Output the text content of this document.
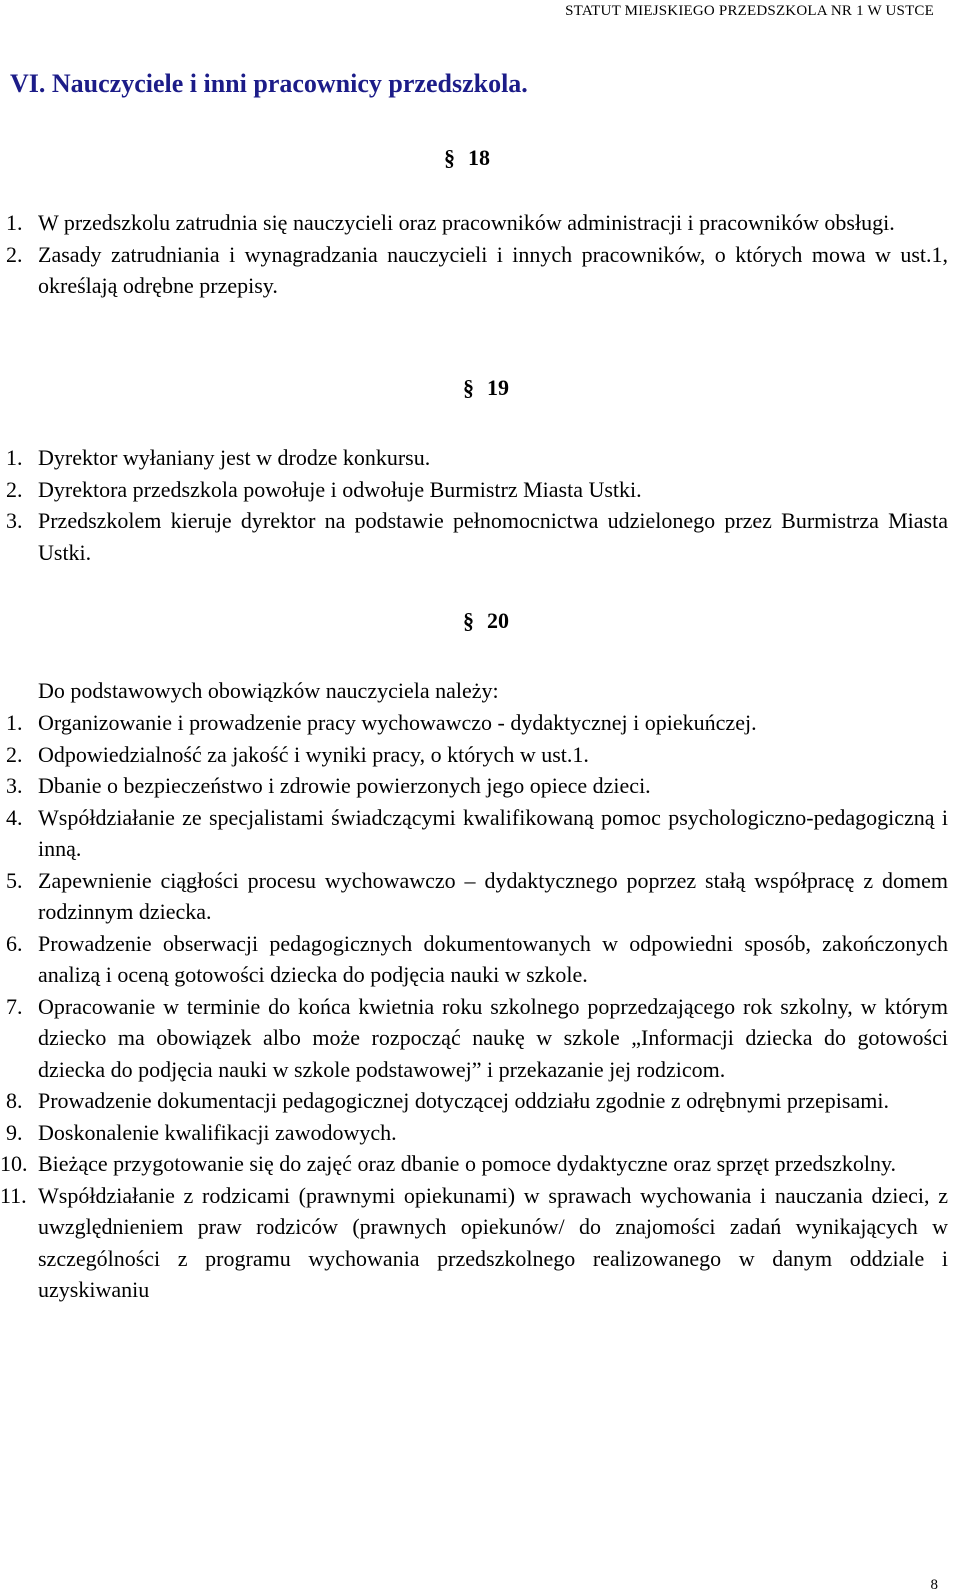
STATUT MIEJSKIEGO PRZEDSZKOLA NR 1 W USTCE
VI. Nauczyciele i inni pracownicy przedszkola.
§ 18
1. W przedszkolu zatrudnia się nauczycieli oraz pracowników administracji i pracowników obsługi.
2. Zasady zatrudniania i wynagradzania nauczycieli i innych pracowników, o których mowa w ust.1, określają odrębne przepisy.
§ 19
1. Dyrektor wyłaniany jest w drodze konkursu.
2. Dyrektora przedszkola powołuje i odwołuje Burmistrz Miasta Ustki.
3. Przedszkolem kieruje dyrektor na podstawie pełnomocnictwa udzielonego przez Burmistrza Miasta Ustki.
§ 20
Do podstawowych obowiązków nauczyciela należy:
1. Organizowanie i prowadzenie pracy wychowawczo - dydaktycznej i opiekuńczej.
2. Odpowiedzialność za jakość i wyniki pracy, o których w ust.1.
3. Dbanie o bezpieczeństwo i zdrowie powierzonych jego opiece dzieci.
4. Współdziałanie ze specjalistami świadczącymi kwalifikowaną pomoc psychologiczno-pedagogiczną i inną.
5. Zapewnienie ciągłości procesu wychowawczo – dydaktycznego poprzez stałą współpracę z domem rodzinnym dziecka.
6. Prowadzenie obserwacji pedagogicznych dokumentowanych w odpowiedni sposób, zakończonych analizą i oceną gotowości dziecka do podjęcia nauki w szkole.
7. Opracowanie w terminie do końca kwietnia roku szkolnego poprzedzającego rok szkolny, w którym dziecko ma obowiązek albo może rozpocząć naukę w szkole „Informacji dziecka do gotowości dziecka do podjęcia nauki w szkole podstawowej” i przekazanie jej rodzicom.
8. Prowadzenie dokumentacji pedagogicznej dotyczącej oddziału zgodnie z odrębnymi przepisami.
9. Doskonalenie kwalifikacji zawodowych.
10. Bieżące przygotowanie się do zajęć oraz dbanie o pomoce dydaktyczne oraz sprzęt przedszkolny.
11. Współdziałanie z rodzicami (prawnymi opiekunami) w sprawach wychowania i nauczania dzieci, z uwzględnieniem praw rodziców (prawnych opiekunów/ do znajomości zadań wynikających w szczególności z programu wychowania przedszkolnego realizowanego w danym oddziale i uzyskiwaniu
8
